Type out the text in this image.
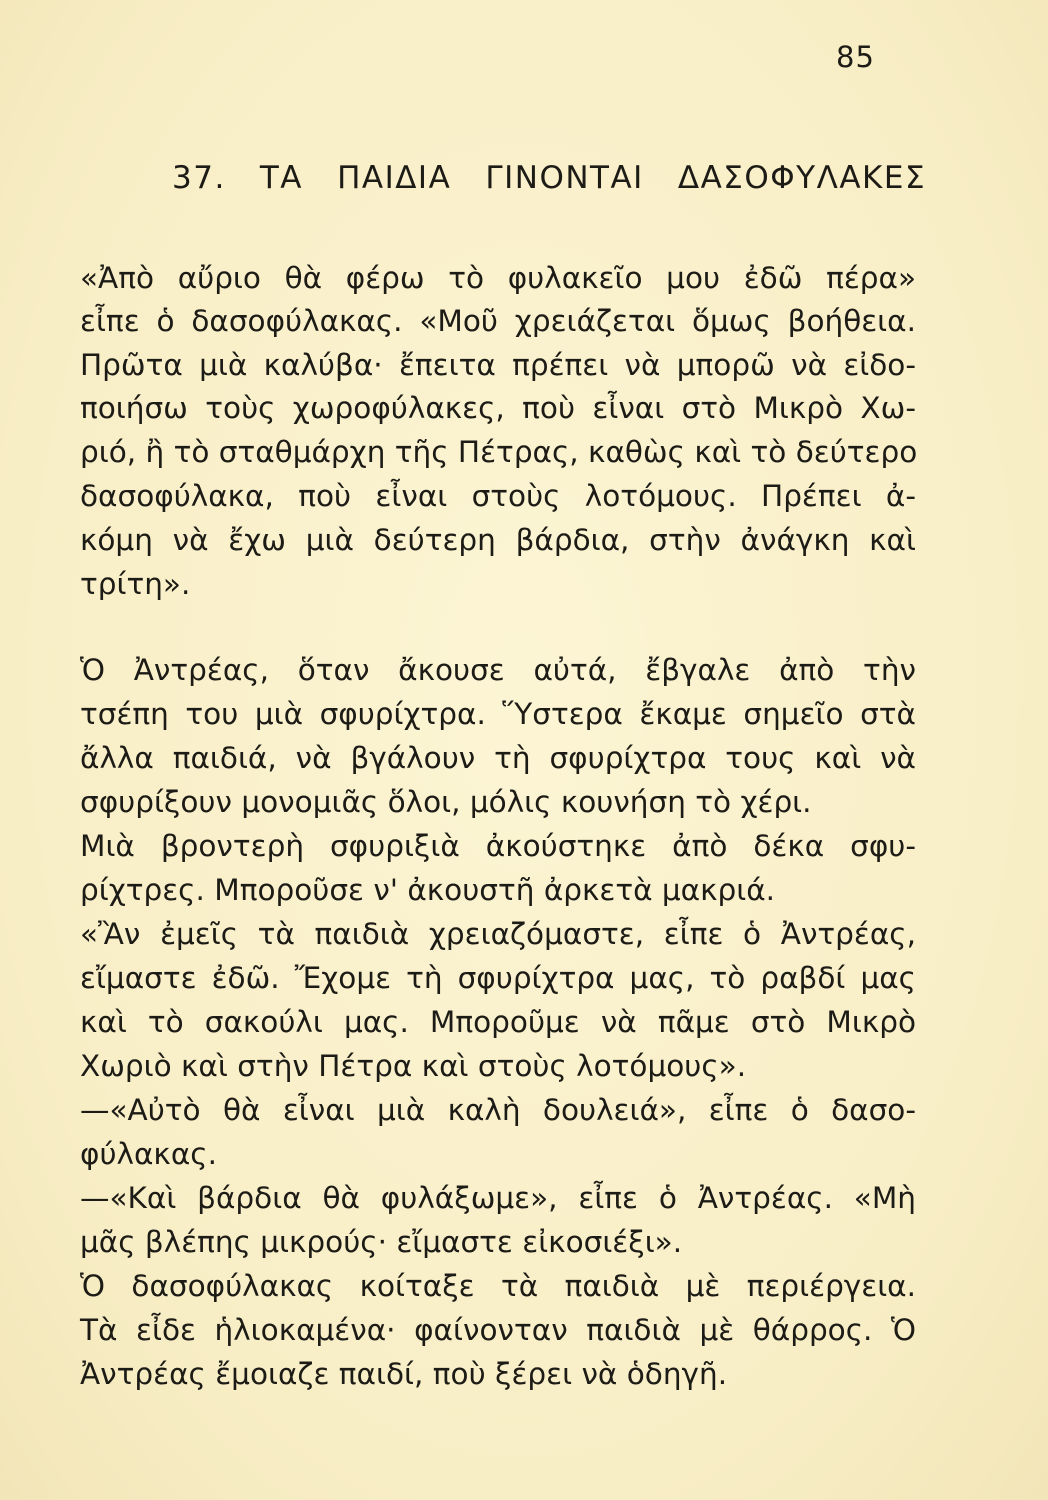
85
37.   ΤΑ   ΠΑΙΔΙΑ   ΓΙΝΟΝΤΑΙ   ΔΑΣΟΦΥΛΑΚΕΣ
«Ἀπὸ αὔριο θὰ φέρω τὸ φυλακεῖο μου ἐδῶ πέρα»
εἶπε ὁ δασοφύλακας. «Μοῦ χρειάζεται ὅμως βοήθεια.
Πρῶτα μιὰ καλύβα· ἔπειτα πρέπει νὰ μπορῶ νὰ εἰδο-
ποιήσω τοὺς χωροφύλακες, ποὺ εἶναι στὸ Μικρὸ Χω-
ριό, ἢ τὸ σταθμάρχη τῆς Πέτρας, καθὼς καὶ τὸ δεύτερο
δασοφύλακα, ποὺ εἶναι στοὺς λοτόμους. Πρέπει ἀ-
κόμη νὰ ἔχω μιὰ δεύτερη βάρδια, στὴν ἀνάγκη καὶ
τρίτη».
Ὁ Ἀντρέας, ὅταν ἄκουσε αὐτά, ἔβγαλε ἀπὸ τὴν
τσέπη του μιὰ σφυρίχτρα. Ὕστερα ἔκαμε σημεῖο στὰ
ἄλλα παιδιά, νὰ βγάλουν τὴ σφυρίχτρα τους καὶ νὰ
σφυρίξουν μονομιᾶς ὅλοι, μόλις κουνήση τὸ χέρι.
Μιὰ βροντερὴ σφυριξιὰ ἀκούστηκε ἀπὸ δέκα σφυ-
ρίχτρες. Μποροῦσε ν' ἀκουστῆ ἀρκετὰ μακριά.
«Ἂν ἐμεῖς τὰ παιδιὰ χρειαζόμαστε, εἶπε ὁ Ἀντρέας,
εἴμαστε ἐδῶ. Ἔχομε τὴ σφυρίχτρα μας, τὸ ραβδί μας
καὶ τὸ σακούλι μας. Μποροῦμε νὰ πᾶμε στὸ Μικρὸ
Χωριὸ καὶ στὴν Πέτρα καὶ στοὺς λοτόμους».
—«Αὐτὸ θὰ εἶναι μιὰ καλὴ δουλειά», εἶπε ὁ δασο-
φύλακας.
—«Καὶ βάρδια θὰ φυλάξωμε», εἶπε ὁ Ἀντρέας. «Μὴ
μᾶς βλέπης μικρούς· εἴμαστε εἰκοσιέξι».
Ὁ δασοφύλακας κοίταξε τὰ παιδιὰ μὲ περιέργεια.
Τὰ εἶδε ἡλιοκαμένα· φαίνονταν παιδιὰ μὲ θάρρος. Ὁ
Ἀντρέας ἔμοιαζε παιδί, ποὺ ξέρει νὰ ὁδηγῆ.
